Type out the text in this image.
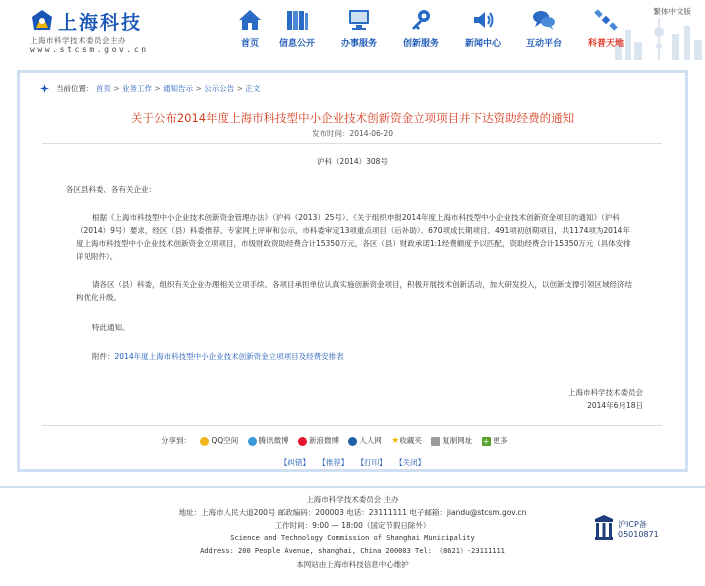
上海科技
上海市科学技术委员会主办
www.stcsm.gov.cn
繁体中文版
首页	信息公开	办事服务	创新服务	新闻中心	互动平台	科普天地
当前位置： 首页 > 业务工作 > 通知告示 > 公示公告 > 正文
关于公布2014年度上海市科技型中小企业技术创新资金立项项目并下达资助经费的通知
发布时间：2014-06-20
沪科（2014）308号
各区县科委、各有关企业：
根据《上海市科技型中小企业技术创新资金管理办法》（沪科（2013）25号）、《关于组织申报2014年度上海市科技型中小企业技术创新资金项目的通知》（沪科（2014）9号）要求，经区（县）科委推荐、专家网上评审和公示，市科委审定13项重点项目（后补助）、670项成长期项目、491项初创期项目，共1174项为2014年度上海市科技型中小企业技术创新资金立项项目，市级财政资助经费合计15350万元，各区（县）财政承诺1:1经费额度予以匹配，资助经费合计15350万元（具体安排详见附件）。
请各区（县）科委，组织有关企业办理相关立项手续。各项目承担单位认真实施创新资金项目，积极开展技术创新活动，加大研发投入，以创新支撑引领区域经济结构优化升级。
特此通知。
附件：2014年度上海市科技型中小企业技术创新资金立项项目及经费安排表
上海市科学技术委员会
2014年6月18日
分享到：	QQ空间	腾讯微博	新浪微博	人人网 ★收藏夹	复制网址 + 更多
【纠错】 【推荐】 【打印】 【关闭】
上海市科学技术委员会 主办
地址：上海市人民大道200号 邮政编码：200003 电话：23111111 电子邮箱：jiandu@stcsm.gov.cn
工作时间：9:00 — 18:00（国定节假日除外）
Science and Technology Commission of Shanghai Municipality
Address: 200 People Avenue, shanghai, China 200003 Tel: （8621）-23111111
本网站由上海市科技信息中心维护
沪ICP备
05010871
